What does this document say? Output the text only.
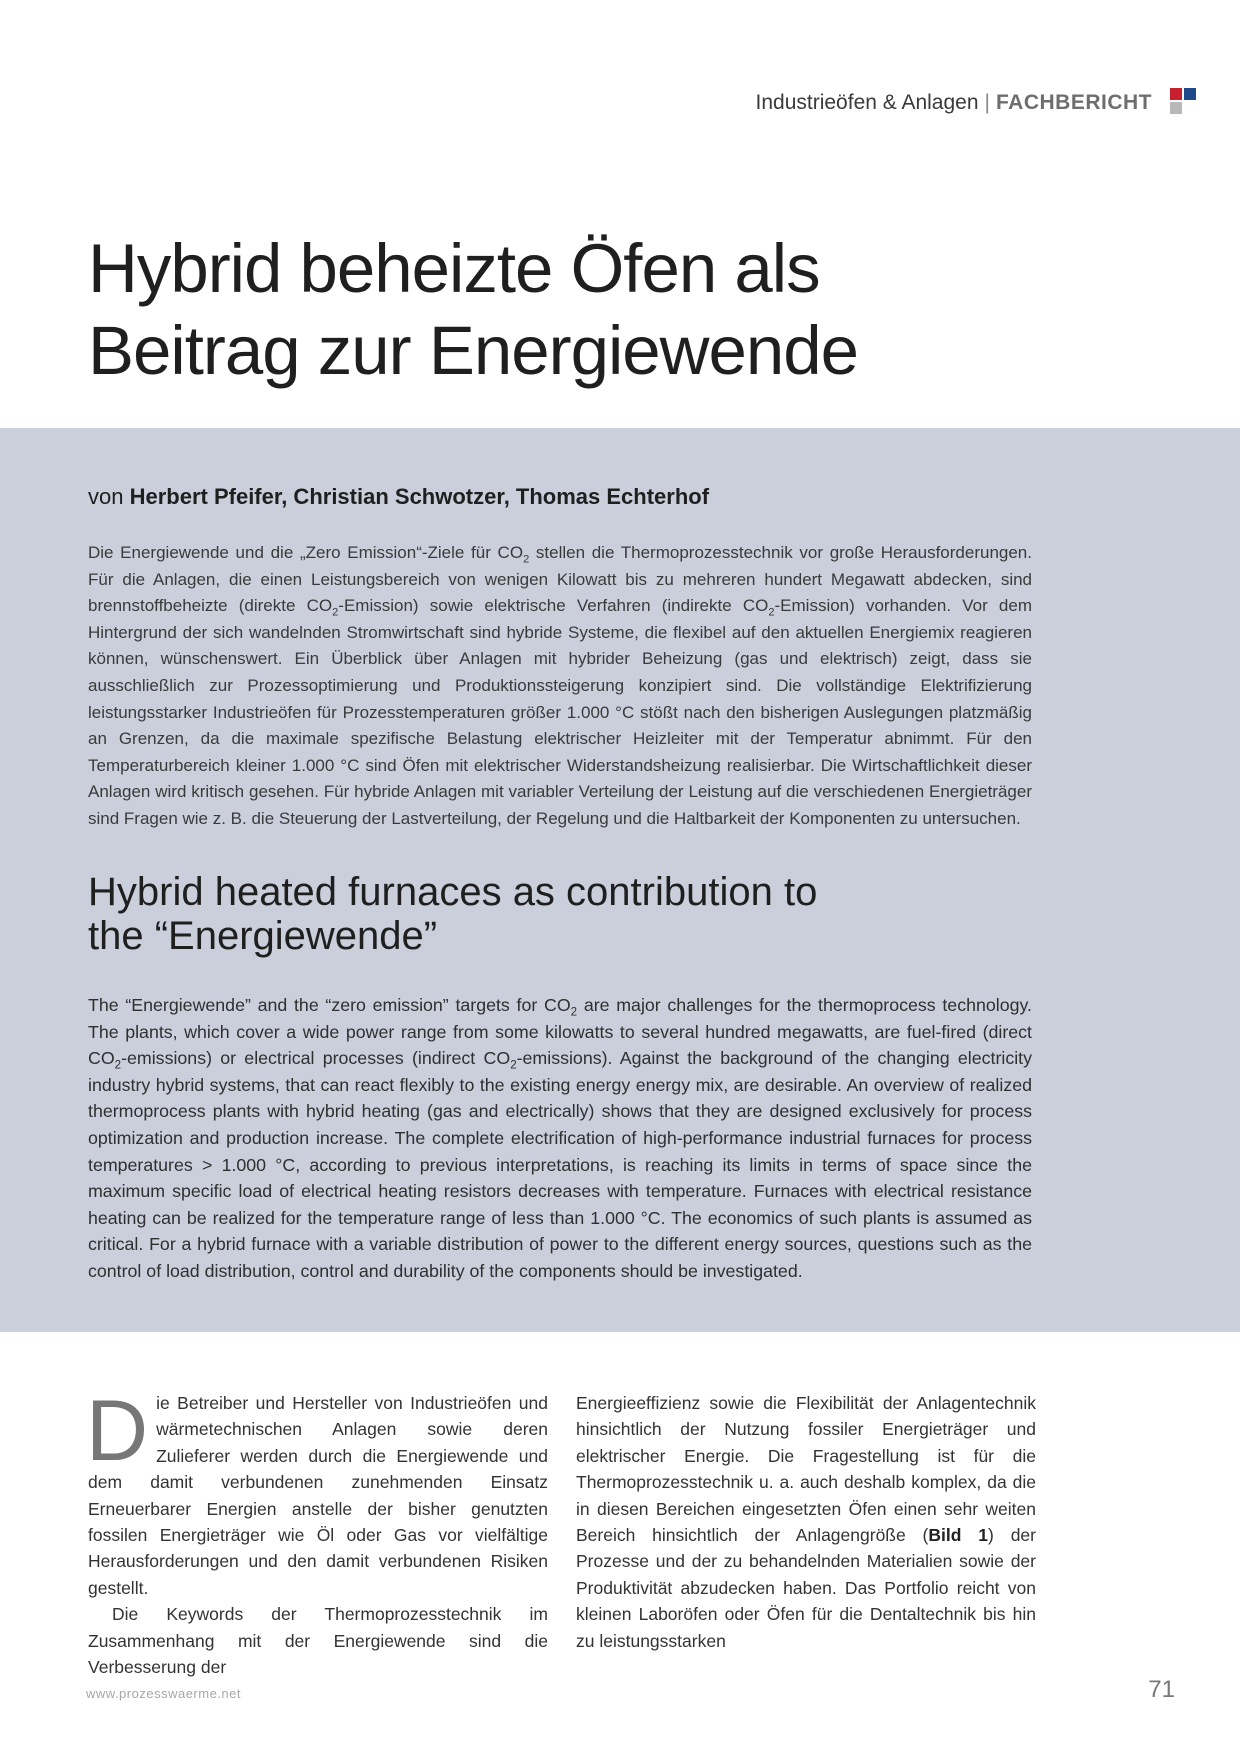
Industrieöfen & Anlagen | FACHBERICHT
Hybrid beheizte Öfen als
Beitrag zur Energiewende
von Herbert Pfeifer, Christian Schwotzer, Thomas Echterhof

Die Energiewende und die „Zero Emission“-Ziele für $CO_2$ stellen die Thermoprozesstechnik vor große Herausforderungen. Für die Anlagen, die einen Leistungsbereich von wenigen Kilowatt bis zu mehreren hundert Megawatt abdecken, sind brennstoffbeheizte (direkte $CO_2-Emission$) sowie elektrische Verfahren (indirekte $CO_2-Emission$) vorhanden. Vor dem Hintergrund der sich wandelnden Stromwirtschaft sind hybride Systeme, die flexibel auf den aktuellen Energiemix reagieren können, wünschenswert. Ein Überblick über Anlagen mit hybrider Beheizung (gas und elektrisch) zeigt, dass sie ausschließlich zur Prozessoptimierung und Produktionssteigerung konzipiert sind. Die vollständige Elektrifizierung leistungsstarker Industrieöfen für Prozesstemperaturen größer 1.000 °C stößt nach den bisherigen Auslegungen platzmäßig an Grenzen, da die maximale spezifische Belastung elektrischer Heizleiter mit der Temperatur abnimmt. Für den Temperaturbereich kleiner 1.000 °C sind Öfen mit elektrischer Widerstandsheizung realisierbar. Die Wirtschaftlichkeit dieser Anlagen wird kritisch gesehen. Für hybride Anlagen mit variabler Verteilung der Leistung auf die verschiedenen Energieträger sind Fragen wie z. B. die Steuerung der Lastverteilung, der Regelung und die Haltbarkeit der Komponenten zu untersuchen.

Hybrid heated furnaces as contribution to
the “Energiewende”

The “Energiewende” and the “zero emission” targets for $CO_2$ are major challenges for the thermoprocess technology. The plants, which cover a wide power range from some kilowatts to several hundred megawatts, are fuel-fired (direct $CO_2-emissions$) or electrical processes (indirect $CO_2-emissions$). Against the background of the changing electricity industry hybrid systems, that can react flexibly to the existing energy energy mix, are desirable. An overview of realized thermoprocess plants with hybrid heating (gas and electrically) shows that they are designed exclusively for process optimization and production increase. The complete electrification of high-performance industrial furnaces for process temperatures > 1.000 °C, according to previous interpretations, is reaching its limits in terms of space since the maximum specific load of electrical heating resistors decreases with temperature. Furnaces with electrical resistance heating can be realized for the temperature range of less than 1.000 °C. The economics of such plants is assumed as critical. For a hybrid furnace with a variable distribution of power to the different energy sources, questions such as the control of load distribution, control and durability of the components should be investigated.

Die Betreiber und Hersteller von Industrieöfen und wärmetechnischen Anlagen sowie deren Zulieferer werden durch die Energiewende und dem damit verbundenen zunehmenden Einsatz Erneuerbarer Energien anstelle der bisher genutzten fossilen Energieträger wie Öl oder Gas vor vielfältige Herausforderungen und den damit verbundenen Risiken gestellt.

Die Keywords der Thermoprozesstechnik im Zusammenhang mit der Energiewende sind die Verbesserung der

Energieeffizienz sowie die Flexibilität der Anlagentechnik hinsichtlich der Nutzung fossiler Energieträger und elektrischer Energie. Die Fragestellung ist für die Thermoprozesstechnik u. a. auch deshalb komplex, da die in diesen Bereichen eingesetzten Öfen einen sehr weiten Bereich hinsichtlich der Anlagengröße (Bild 1) der Prozesse und der zu behandelnden Materialien sowie der Produktivität abzudecken haben. Das Portfolio reicht von kleinen Laboröfen oder Öfen für die Dentaltechnik bis hin zu leistungsstarken

www.prozesswaerme.net	71
